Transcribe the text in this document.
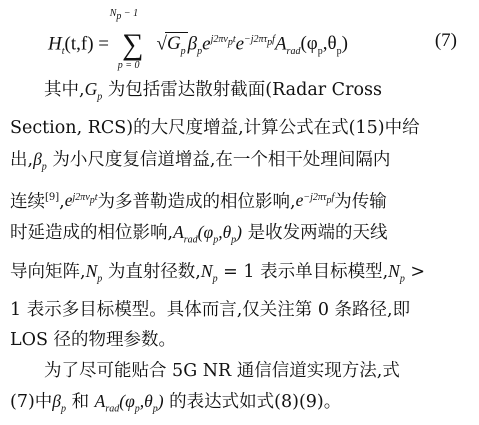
$H_t(t,f)$ =
$N_p - 1$
∑
p = 0
$√G_p$ $\beta_pe^{j2\pi v_pt}e^{-j2\pi\tau_pf}A_{rad}(\varphi_p,\theta_p)$	(7)

其中$,G_p$ 为包括雷达散射截面(Radar Cross
Section, RCS)的大尺度增益,计算公式在式(15)中给
出$,\beta_p$ 为小尺度复信道增益,在一个相干处理间隔内
连续$[9],e^{j2\pi v_pt}$为多普勒造成的相位影响$,e^{-j2\pi\tau_pf}$为传输
时延造成的相位影响$,A_{rad}(\varphi_p,\theta_p)$ 是收发两端的天线
导向矩阵$,N_p$ 为直射径数$,N_p = 1$ 表示单目标模型$,N_p$ >
1 表示多目标模型。具体而言,仅关注第 0 条路径,即
LOS 径的物理参数。

为了尽可能贴合 5G NR 通信信道实现方法,式
(7)中$\beta_p$ 和 $A_{rad}(\varphi_p,\theta_p)$ 的表达式如式(8)(9)。
